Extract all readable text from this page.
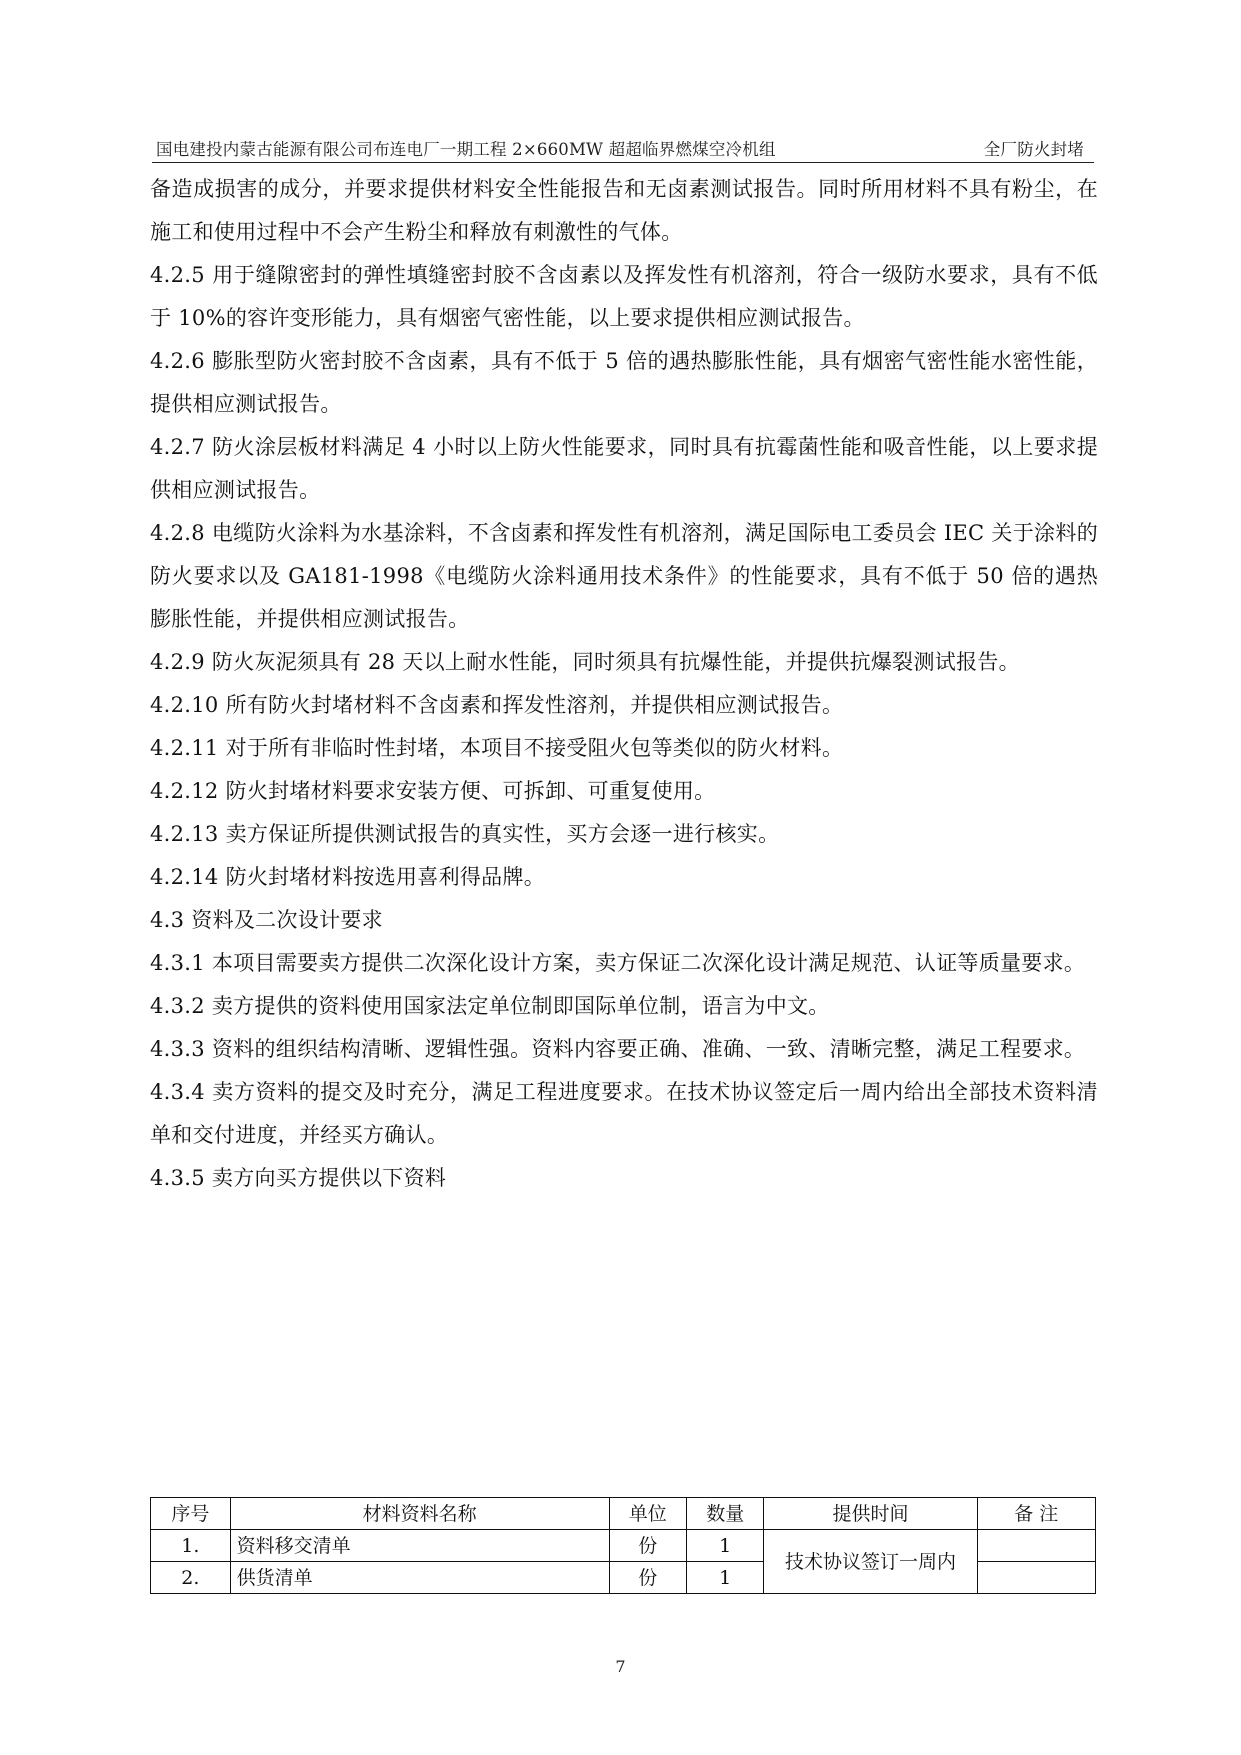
国电建投内蒙古能源有限公司布连电厂一期工程 2×660MW 超超临界燃煤空冷机组	全厂防火封堵

备造成损害的成分，并要求提供材料安全性能报告和无卤素测试报告。同时所用材料不具有粉尘，在施工和使用过程中不会产生粉尘和释放有刺激性的气体。

4.2.5 用于缝隙密封的弹性填缝密封胶不含卤素以及挥发性有机溶剂，符合一级防水要求，具有不低于 10%的容许变形能力，具有烟密气密性能，以上要求提供相应测试报告。

4.2.6 膨胀型防火密封胶不含卤素，具有不低于 5 倍的遇热膨胀性能，具有烟密气密性能水密性能，提供相应测试报告。

4.2.7 防火涂层板材料满足 4 小时以上防火性能要求，同时具有抗霉菌性能和吸音性能，以上要求提供相应测试报告。

4.2.8 电缆防火涂料为水基涂料，不含卤素和挥发性有机溶剂，满足国际电工委员会 IEC 关于涂料的防火要求以及 GA181-1998《电缆防火涂料通用技术条件》的性能要求，具有不低于 50 倍的遇热膨胀性能，并提供相应测试报告。

4.2.9 防火灰泥须具有 28 天以上耐水性能，同时须具有抗爆性能，并提供抗爆裂测试报告。

4.2.10 所有防火封堵材料不含卤素和挥发性溶剂，并提供相应测试报告。

4.2.11 对于所有非临时性封堵，本项目不接受阻火包等类似的防火材料。

4.2.12 防火封堵材料要求安装方便、可拆卸、可重复使用。

4.2.13 卖方保证所提供测试报告的真实性，买方会逐一进行核实。

4.2.14 防火封堵材料按选用喜利得品牌。

4.3 资料及二次设计要求

4.3.1 本项目需要卖方提供二次深化设计方案，卖方保证二次深化设计满足规范、认证等质量要求。

4.3.2 卖方提供的资料使用国家法定单位制即国际单位制，语言为中文。

4.3.3 资料的组织结构清晰、逻辑性强。资料内容要正确、准确、一致、清晰完整，满足工程要求。

4.3.4 卖方资料的提交及时充分，满足工程进度要求。在技术协议签定后一周内给出全部技术资料清单和交付进度，并经买方确认。

4.3.5 卖方向买方提供以下资料

序号	材料资料名称	单位	数量	提供时间	备 注
1.	资料移交清单	份	1	技术协议签订一周内	
2.	供货清单	份	1		
7
